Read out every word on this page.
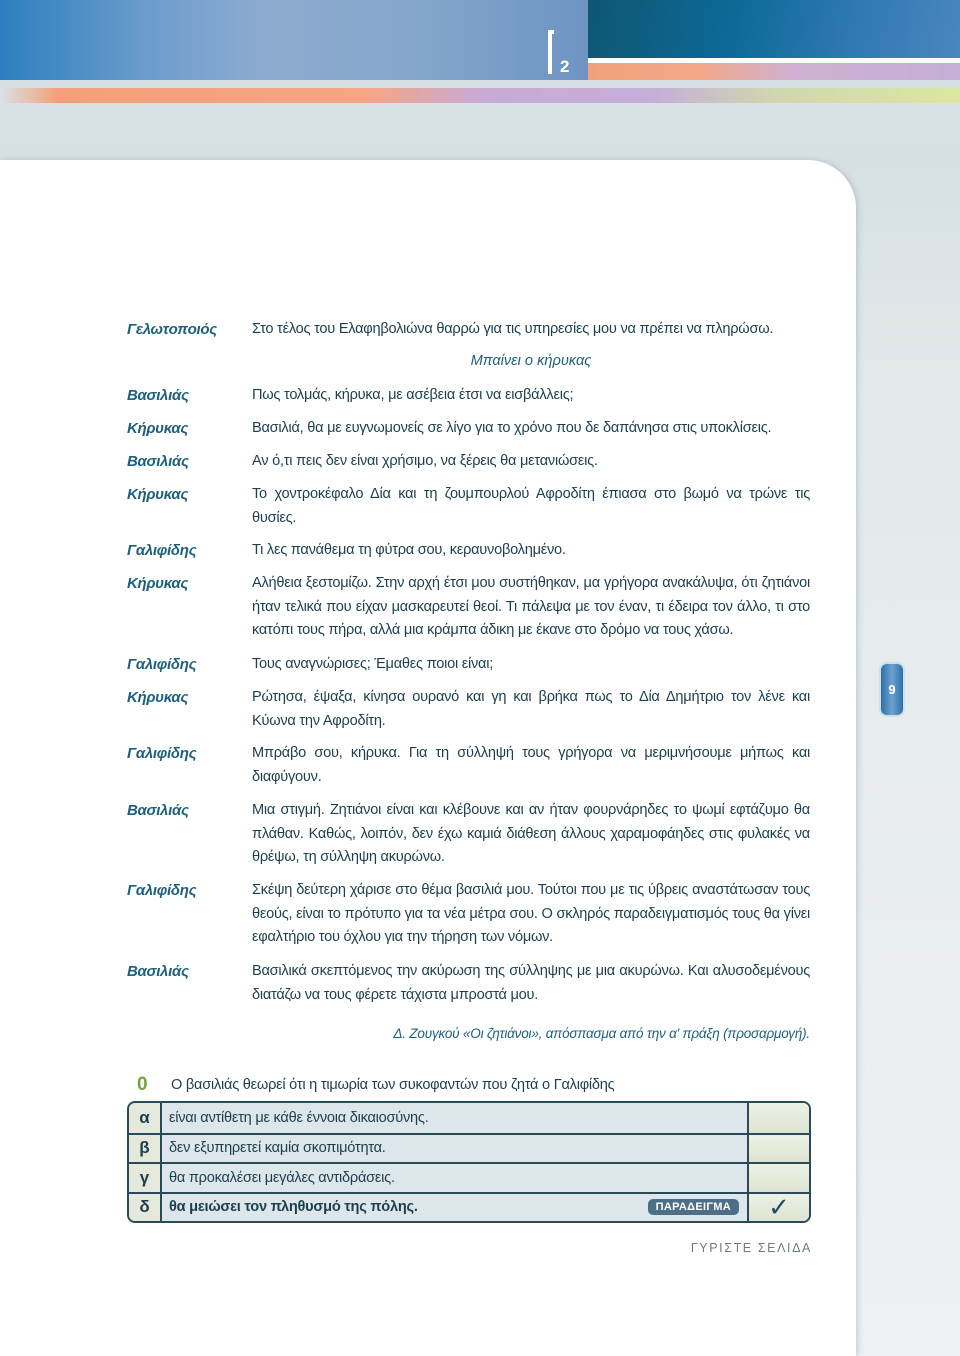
2
Γελωτοποιός Στο τέλος του Ελαφηβολιώνα θαρρώ για τις υπηρεσίες μου να πρέπει να πληρώσω.
Μπαίνει ο κήρυκας
Βασιλιάς	Πως τολμάς, κήρυκα, με ασέβεια έτσι να εισβάλλεις;
Κήρυκας	Βασιλιά, θα με ευγνωμονείς σε λίγο για το χρόνο που δε δαπάνησα στις υποκλίσεις.
Βασιλιάς	Αν ό,τι πεις δεν είναι χρήσιμο, να ξέρεις θα μετανιώσεις.
Κήρυκας	Το χοντροκέφαλο Δία και τη ζουμπουρλού Αφροδίτη έπιασα στο βωμό να τρώνε τις θυσίες.
Γαλιφίδης	Τι λες πανάθεμα τη φύτρα σου, κεραυνοβολημένο.
Κήρυκας	Αλήθεια ξεστομίζω. Στην αρχή έτσι μου συστήθηκαν, μα γρήγορα ανακάλυψα, ότι ζητιάνοι ήταν τελικά που είχαν μασκαρευτεί θεοί. Τι πάλεψα με τον έναν, τι έδειρα τον άλλο, τι στο κατόπι τους πήρα, αλλά μια κράμπα άδικη με έκανε στο δρόμο να τους χάσω.
Γαλιφίδης	Τους αναγνώρισες; Έμαθες ποιοι είναι;
Κήρυκας	Ρώτησα, έψαξα, κίνησα ουρανό και γη και βρήκα πως το Δία Δημήτριο τον λένε και Κύωνα την Αφροδίτη.
Γαλιφίδης	Μπράβο σου, κήρυκα. Για τη σύλληψή τους γρήγορα να μεριμνήσουμε μήπως και διαφύγουν.
Βασιλιάς	Μια στιγμή. Ζητιάνοι είναι και κλέβουνε και αν ήταν φουρνάρηδες το ψωμί εφτάζυμο θα πλάθαν. Καθώς, λοιπόν, δεν έχω καμιά διάθεση άλλους χαραμοφάηδες στις φυλακές να θρέψω, τη σύλληψη ακυρώνω.
Γαλιφίδης	Σκέψη δεύτερη χάρισε στο θέμα βασιλιά μου. Τούτοι που με τις ύβρεις αναστάτωσαν τους θεούς, είναι το πρότυπο για τα νέα μέτρα σου. Ο σκληρός παραδειγματισμός τους θα γίνει εφαλτήριο του όχλου για την τήρηση των νόμων.
Βασιλιάς	Βασιλικά σκεπτόμενος την ακύρωση της σύλληψης με μια ακυρώνω. Και αλυσοδεμένους διατάζω να τους φέρετε τάχιστα μπροστά μου.
Δ. Ζουγκού «Οι ζητιάνοι», απόσπασμα από την α' πράξη (προσαρμογή).
0 Ο βασιλιάς θεωρεί ότι η τιμωρία των συκοφαντών που ζητά ο Γαλιφίδης
α	είναι αντίθετη με κάθε έννοια δικαιοσύνης.
β	δεν εξυπηρετεί καμία σκοπιμότητα.
γ	θα προκαλέσει μεγάλες αντιδράσεις.
δ	θα μειώσει τον πληθυσμό της πόλης.	ΠΑΡΑΔΕΙΓΜΑ	✓
ΓΥΡΙΣΤΕ ΣΕΛΙΔΑ
9
